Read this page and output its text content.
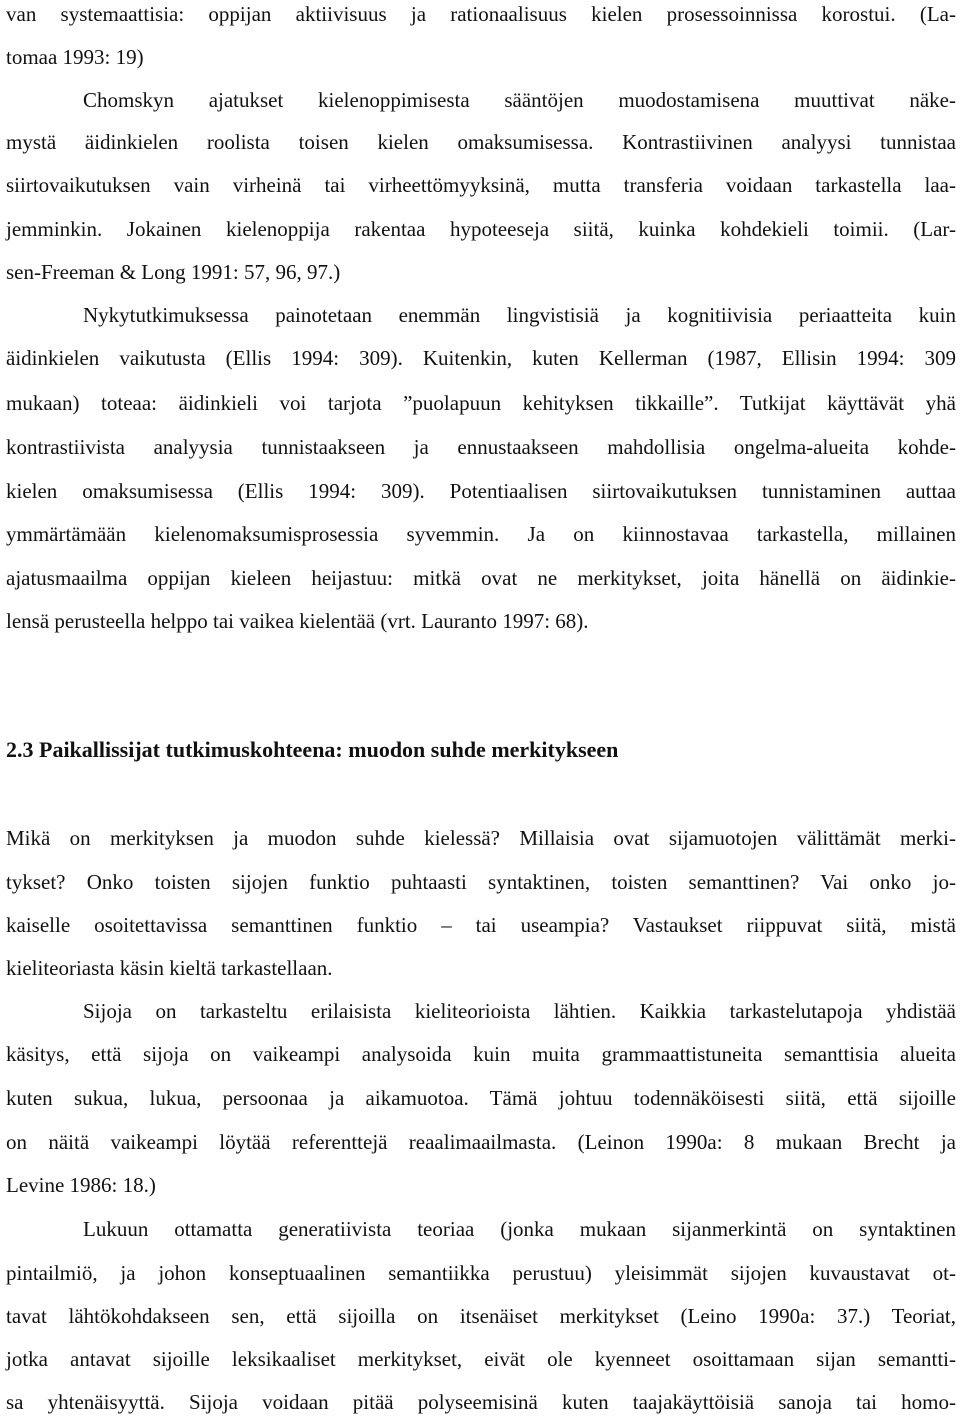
van systemaattisia: oppijan aktiivisuus ja rationaalisuus kielen prosessoinnissa korostui. (La-
tomaa 1993: 19)
Chomskyn ajatukset kielenoppimisesta sääntöjen muodostamisena muuttivat näke-
mystä äidinkielen roolista toisen kielen omaksumisessa. Kontrastiivinen analyysi tunnistaa
siirtovaikutuksen vain virheinä tai virheettömyyksinä, mutta transferia voidaan tarkastella laa-
jemminkin. Jokainen kielenoppija rakentaa hypoteeseja siitä, kuinka kohdekieli toimii. (Lar-
sen-Freeman & Long 1991: 57, 96, 97.)
Nykytutkimuksessa painotetaan enemmän lingvistisiä ja kognitiivisia periaatteita kuin
äidinkielen vaikutusta (Ellis 1994: 309). Kuitenkin, kuten Kellerman (1987, Ellisin 1994: 309
mukaan) toteaa: äidinkieli voi tarjota ”puolapuun kehityksen tikkaille”. Tutkijat käyttävät yhä
kontrastiivista analyysia tunnistaakseen ja ennustaakseen mahdollisia ongelma-alueita kohde-
kielen omaksumisessa (Ellis 1994: 309). Potentiaalisen siirtovaikutuksen tunnistaminen auttaa
ymmärtämään kielenomaksumisprosessia syvemmin. Ja on kiinnostavaa tarkastella, millainen
ajatusmaailma oppijan kieleen heijastuu: mitkä ovat ne merkitykset, joita hänellä on äidinkie-
lensä perusteella helppo tai vaikea kielentää (vrt. Lauranto 1997: 68).
2.3 Paikallissijat tutkimuskohteena: muodon suhde merkitykseen
Mikä on merkityksen ja muodon suhde kielessä? Millaisia ovat sijamuotojen välittämät merki-
tykset? Onko toisten sijojen funktio puhtaasti syntaktinen, toisten semanttinen? Vai onko jo-
kaiselle osoitettavissa semanttinen funktio – tai useampia? Vastaukset riippuvat siitä, mistä
kieliteoriasta käsin kieltä tarkastellaan.
Sijoja on tarkasteltu erilaisista kieliteorioista lähtien. Kaikkia tarkastelutapoja yhdistää
käsitys, että sijoja on vaikeampi analysoida kuin muita grammaattistuneita semanttisia alueita
kuten sukua, lukua, persoonaa ja aikamuotoa. Tämä johtuu todennäköisesti siitä, että sijoille
on näitä vaikeampi löytää referenttejä reaalimaailmasta. (Leinon 1990a: 8 mukaan Brecht ja
Levine 1986: 18.)
Lukuun ottamatta generatiivista teoriaa (jonka mukaan sijanmerkintä on syntaktinen
pintailmiö, ja johon konseptuaalinen semantiikka perustuu) yleisimmät sijojen kuvaustavat ot-
tavat lähtökohdakseen sen, että sijoilla on itsenäiset merkitykset (Leino 1990a: 37.) Teoriat,
jotka antavat sijoille leksikaaliset merkitykset, eivät ole kyenneet osoittamaan sijan semantti-
sa yhtenäisyyttä. Sijoja voidaan pitää polyseemisinä kuten taajakäyttöisiä sanoja tai homo-
